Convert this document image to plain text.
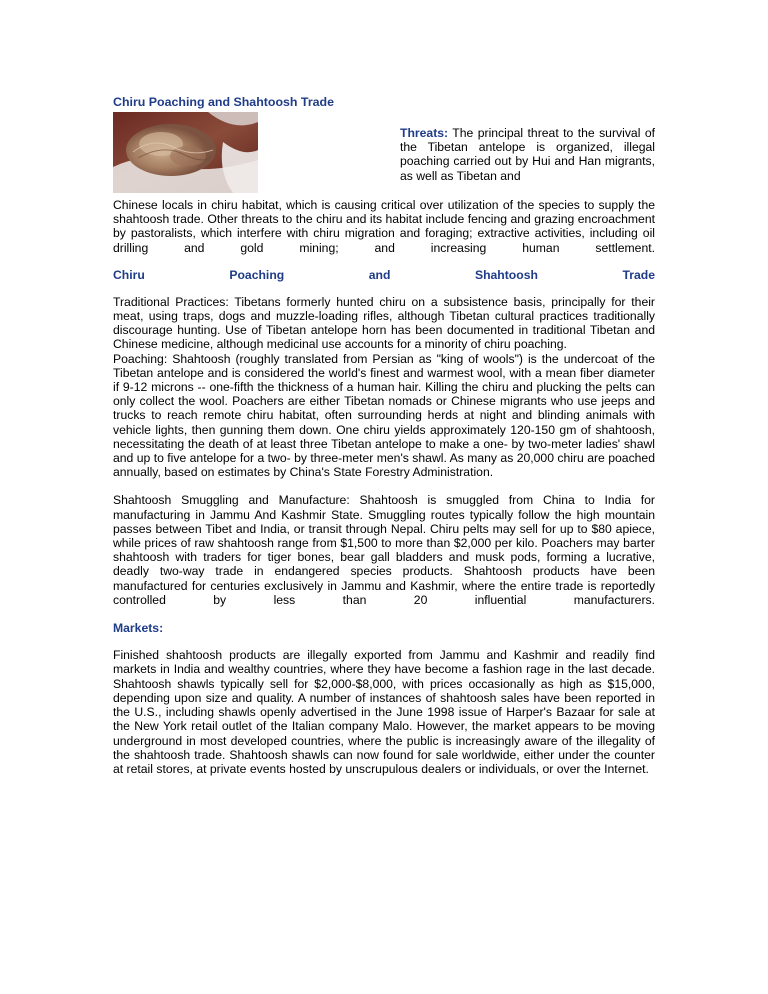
Chiru Poaching and Shahtoosh Trade

Threats: The principal threat to the survival of the Tibetan antelope is organized, illegal poaching carried out by Hui and Han migrants, as well as Tibetan and

Chinese locals in chiru habitat, which is causing critical over utilization of the species to supply the shahtoosh trade. Other threats to the chiru and its habitat include fencing and grazing encroachment by pastoralists, which interfere with chiru migration and foraging; extractive activities, including oil drilling and gold mining; and increasing human settlement.

Chiru	Poaching	and	Shahtoosh	Trade

Traditional Practices: Tibetans formerly hunted chiru on a subsistence basis, principally for their meat, using traps, dogs and muzzle-loading rifles, although Tibetan cultural practices traditionally discourage hunting. Use of Tibetan antelope horn has been documented in traditional Tibetan and Chinese medicine, although medicinal use accounts for a minority of chiru poaching.

Poaching: Shahtoosh (roughly translated from Persian as "king of wools") is the undercoat of the Tibetan antelope and is considered the world's finest and warmest wool, with a mean fiber diameter if 9-12 microns -- one-fifth the thickness of a human hair. Killing the chiru and plucking the pelts can only collect the wool. Poachers are either Tibetan nomads or Chinese migrants who use jeeps and trucks to reach remote chiru habitat, often surrounding herds at night and blinding animals with vehicle lights, then gunning them down. One chiru yields approximately 120-150 gm of shahtoosh, necessitating the death of at least three Tibetan antelope to make a one- by two-meter ladies' shawl and up to five antelope for a two- by three-meter men's shawl. As many as 20,000 chiru are poached annually, based on estimates by China's State Forestry Administration.

Shahtoosh Smuggling and Manufacture: Shahtoosh is smuggled from China to India for manufacturing in Jammu And Kashmir State. Smuggling routes typically follow the high mountain passes between Tibet and India, or transit through Nepal. Chiru pelts may sell for up to $80 apiece, while prices of raw shahtoosh range from $1,500 to more than $2,000 per kilo. Poachers may barter shahtoosh with traders for tiger bones, bear gall bladders and musk pods, forming a lucrative, deadly two-way trade in endangered species products. Shahtoosh products have been manufactured for centuries exclusively in Jammu and Kashmir, where the entire trade is reportedly controlled by less than 20 influential manufacturers.

Markets:

Finished shahtoosh products are illegally exported from Jammu and Kashmir and readily find markets in India and wealthy countries, where they have become a fashion rage in the last decade. Shahtoosh shawls typically sell for $2,000-$8,000, with prices occasionally as high as $15,000, depending upon size and quality. A number of instances of shahtoosh sales have been reported in the U.S., including shawls openly advertised in the June 1998 issue of Harper's Bazaar for sale at the New York retail outlet of the Italian company Malo. However, the market appears to be moving underground in most developed countries, where the public is increasingly aware of the illegality of the shahtoosh trade. Shahtoosh shawls can now found for sale worldwide, either under the counter at retail stores, at private events hosted by unscrupulous dealers or individuals, or over the Internet.
